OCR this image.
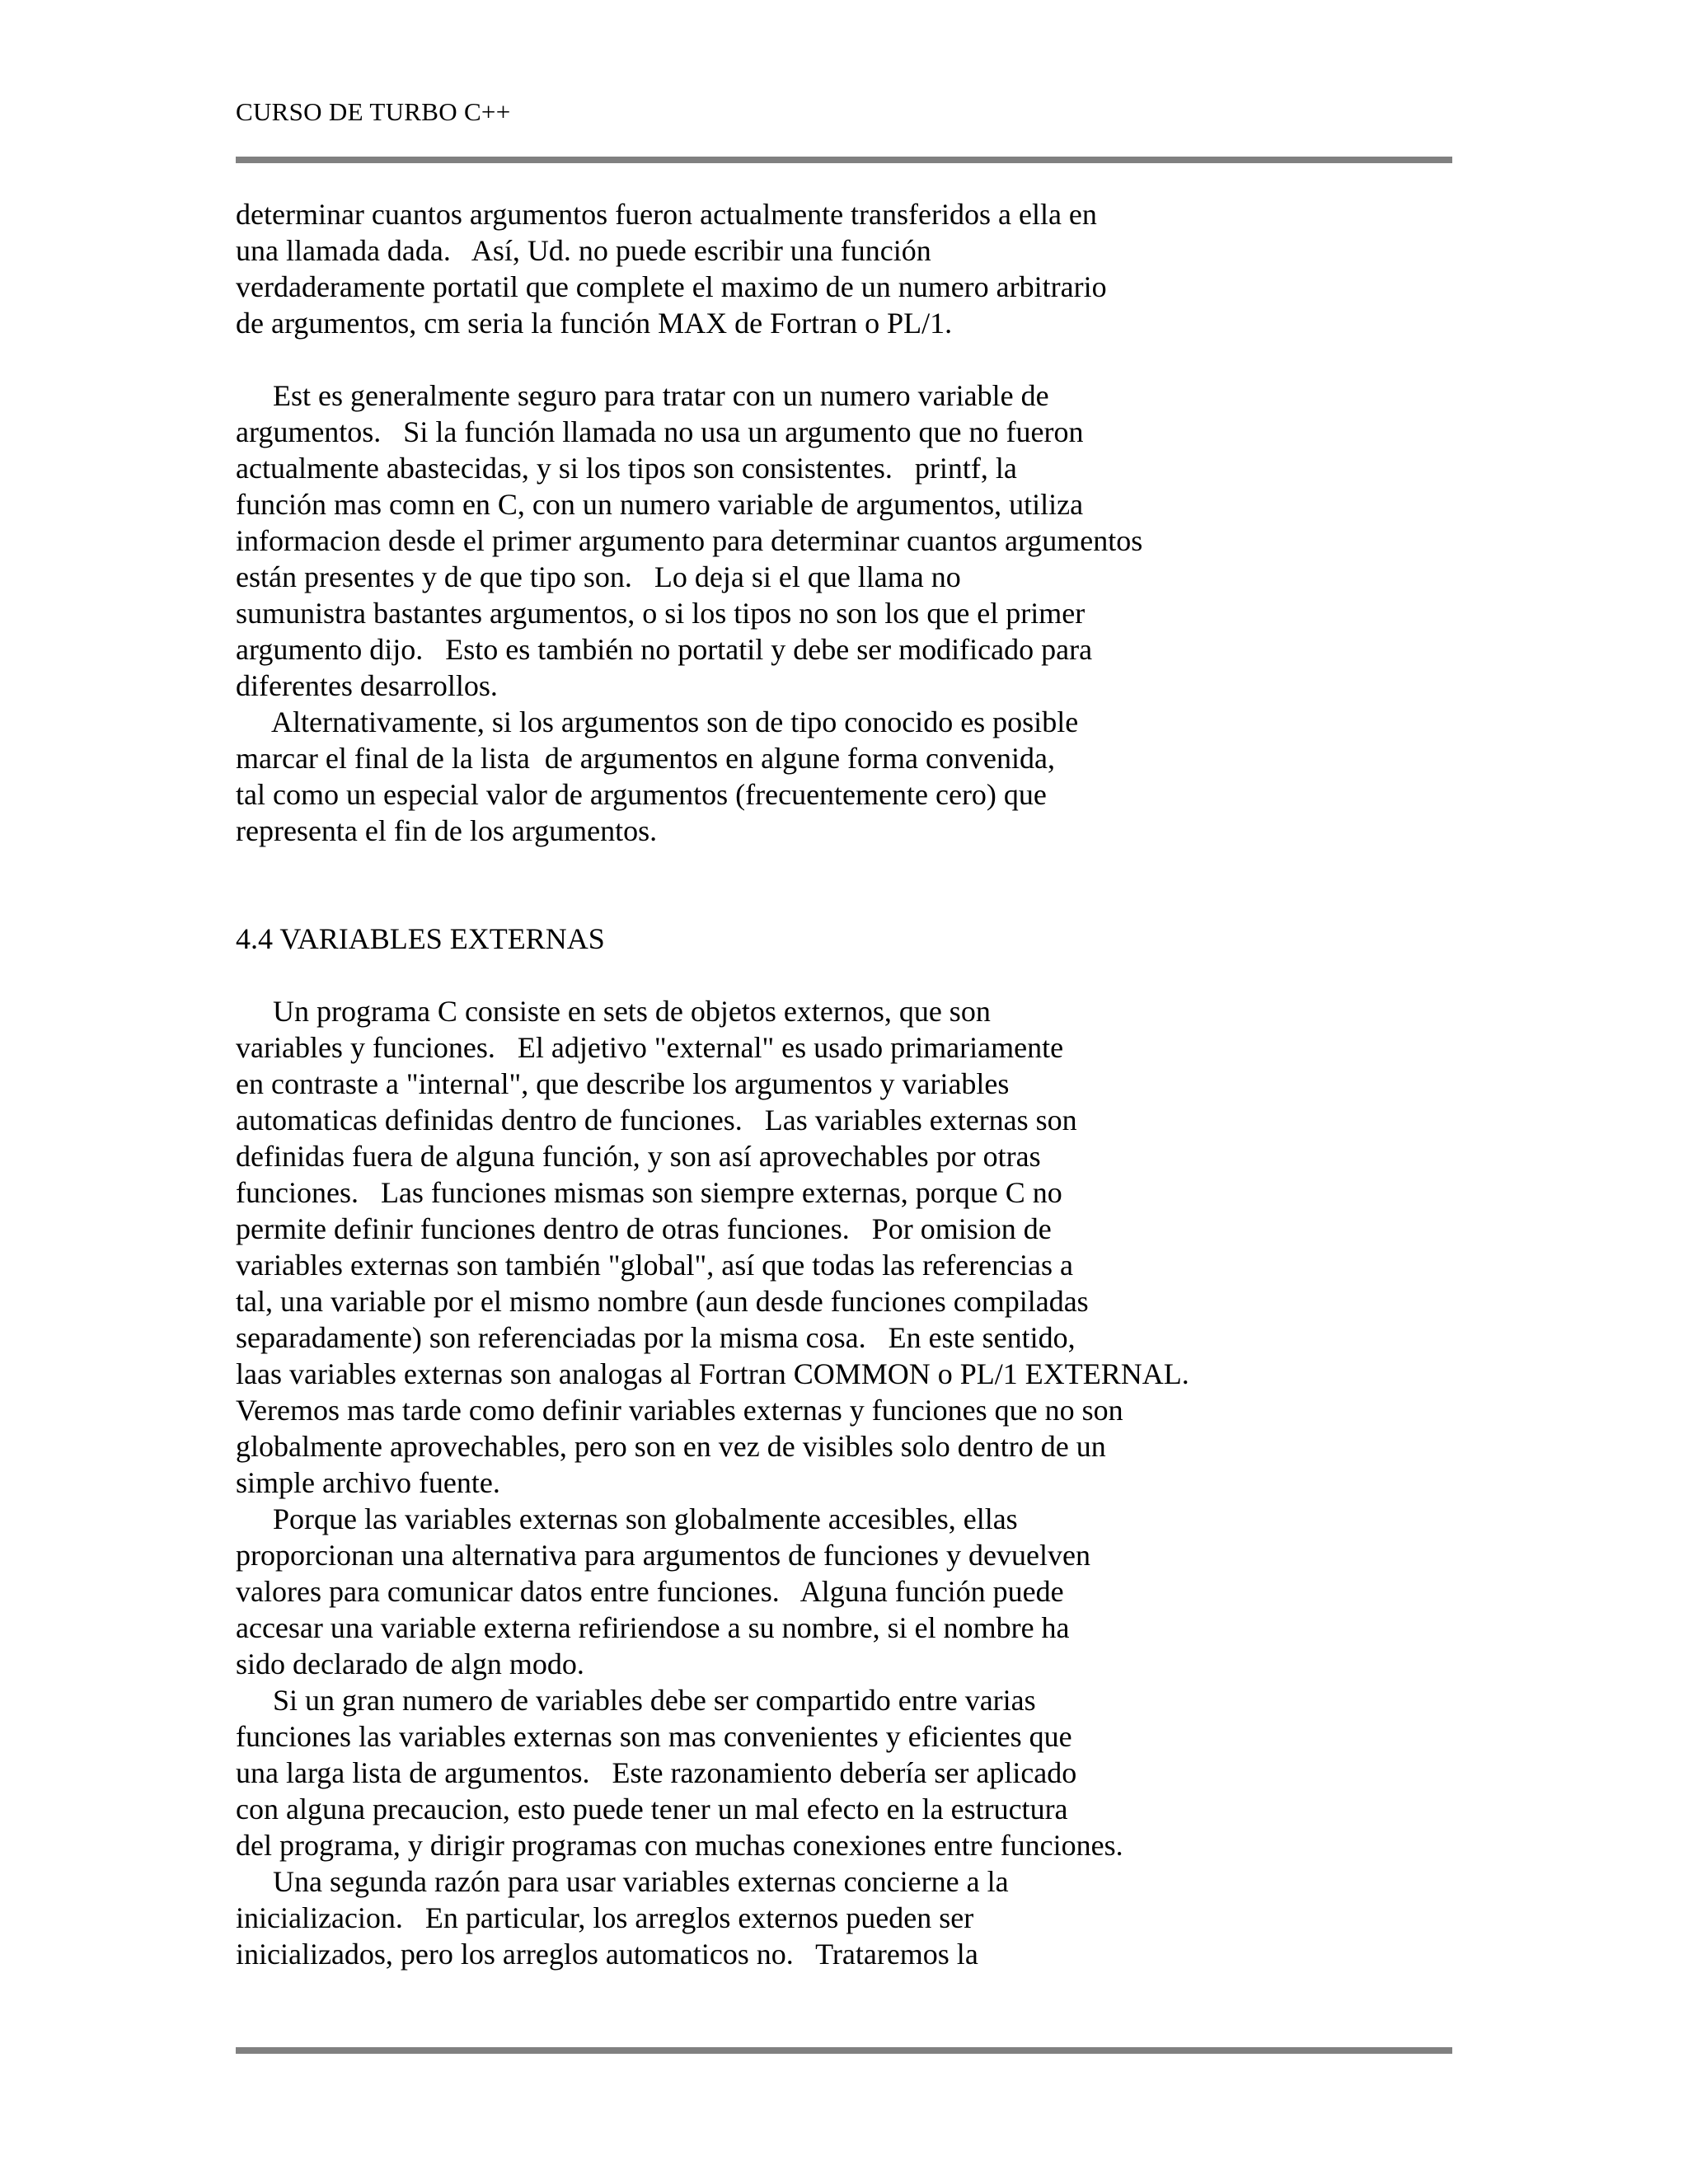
CURSO DE TURBO C++
determinar cuantos argumentos fueron actualmente transferidos a ella en
una llamada dada.   Así, Ud. no puede escribir una función
verdaderamente portatil que complete el maximo de un numero arbitrario
de argumentos, cm seria la función MAX de Fortran o PL/1.
Est es generalmente seguro para tratar con un numero variable de
argumentos.   Si la función llamada no usa un argumento que no fueron
actualmente abastecidas, y si los tipos son consistentes.   printf, la
función mas comn en C, con un numero variable de argumentos, utiliza
informacion desde el primer argumento para determinar cuantos argumentos
están presentes y de que tipo son.   Lo deja si el que llama no
sumunistra bastantes argumentos, o si los tipos no son los que el primer
argumento dijo.   Esto es también no portatil y debe ser modificado para
diferentes desarrollos.
Alternativamente, si los argumentos son de tipo conocido es posible
marcar el final de la lista  de argumentos en algune forma convenida,
tal como un especial valor de argumentos (frecuentemente cero) que
representa el fin de los argumentos.
4.4 VARIABLES EXTERNAS
Un programa C consiste en sets de objetos externos, que son
variables y funciones.   El adjetivo "external" es usado primariamente
en contraste a "internal", que describe los argumentos y variables
automaticas definidas dentro de funciones.   Las variables externas son
definidas fuera de alguna función, y son así aprovechables por otras
funciones.   Las funciones mismas son siempre externas, porque C no
permite definir funciones dentro de otras funciones.   Por omision de
variables externas son también "global", así que todas las referencias a
tal, una variable por el mismo nombre (aun desde funciones compiladas
separadamente) son referenciadas por la misma cosa.   En este sentido,
laas variables externas son analogas al Fortran COMMON o PL/1 EXTERNAL.
Veremos mas tarde como definir variables externas y funciones que no son
globalmente aprovechables, pero son en vez de visibles solo dentro de un
simple archivo fuente.
Porque las variables externas son globalmente accesibles, ellas
proporcionan una alternativa para argumentos de funciones y devuelven
valores para comunicar datos entre funciones.   Alguna función puede
accesar una variable externa refiriendose a su nombre, si el nombre ha
sido declarado de algn modo.
Si un gran numero de variables debe ser compartido entre varias
funciones las variables externas son mas convenientes y eficientes que
una larga lista de argumentos.   Este razonamiento debería ser aplicado
con alguna precaucion, esto puede tener un mal efecto en la estructura
del programa, y dirigir programas con muchas conexiones entre funciones.
Una segunda razón para usar variables externas concierne a la
inicializacion.   En particular, los arreglos externos pueden ser
inicializados, pero los arreglos automaticos no.   Trataremos la
